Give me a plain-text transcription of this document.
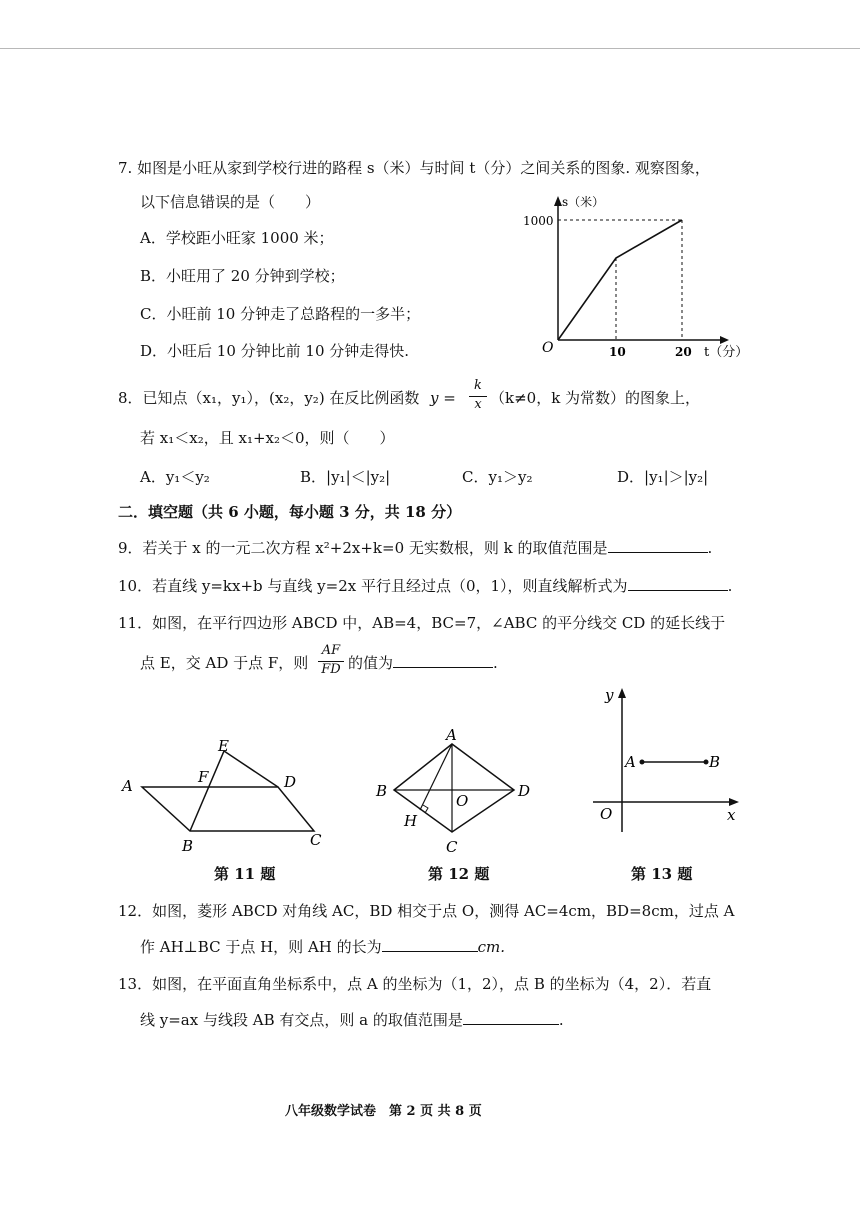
7. 如图是小旺从家到学校行进的路程 s（米）与时间 t（分）之间关系的图象. 观察图象，
以下信息错误的是（　　）
A．学校距小旺家 1000 米；
B．小旺用了 20 分钟到学校；
C．小旺前 10 分钟走了总路程的一多半；
D．小旺后 10 分钟比前 10 分钟走得快.
s（米）
1000
O	10	20 t（分）
8．已知点（x₁，y₁），(x₂，y₂) 在反比例函数 y =
k
x （k≠0，k 为常数）的图象上，
若 x₁＜x₂，且 x₁+x₂＜0，则（　　）
A．y₁＜y₂	B．|y₁|＜|y₂|	C．y₁＞y₂	D．|y₁|＞|y₂|
二．填空题（共 6 小题，每小题 3 分，共 18 分）
9．若关于 x 的一元二次方程 x²+2x+k=0 无实数根，则 k 的取值范围是	.
10．若直线 y=kx+b 与直线 y=2x 平行且经过点（0，1），则直线解析式为	.
11．如图，在平行四边形 ABCD 中，AB=4，BC=7，∠ABC 的平分线交 CD 的延长线于
点 E，交 AD 于点 F，则
AF
FD 的值为	.
A
B	C
D
E
F
第 11 题
A
B
C
D
O
H
第 12 题
A	B
O	x
y
第 13 题
12．如图，菱形 ABCD 对角线 AC，BD 相交于点 O，测得 AC=4cm，BD=8cm，过点 A
作 AH⊥BC 于点 H，则 AH 的长为	cm.
13．如图，在平面直角坐标系中，点 A 的坐标为（1，2），点 B 的坐标为（4，2）．若直
线 y=ax 与线段 AB 有交点，则 a 的取值范围是	.
八年级数学试卷　第 2 页 共 8 页
